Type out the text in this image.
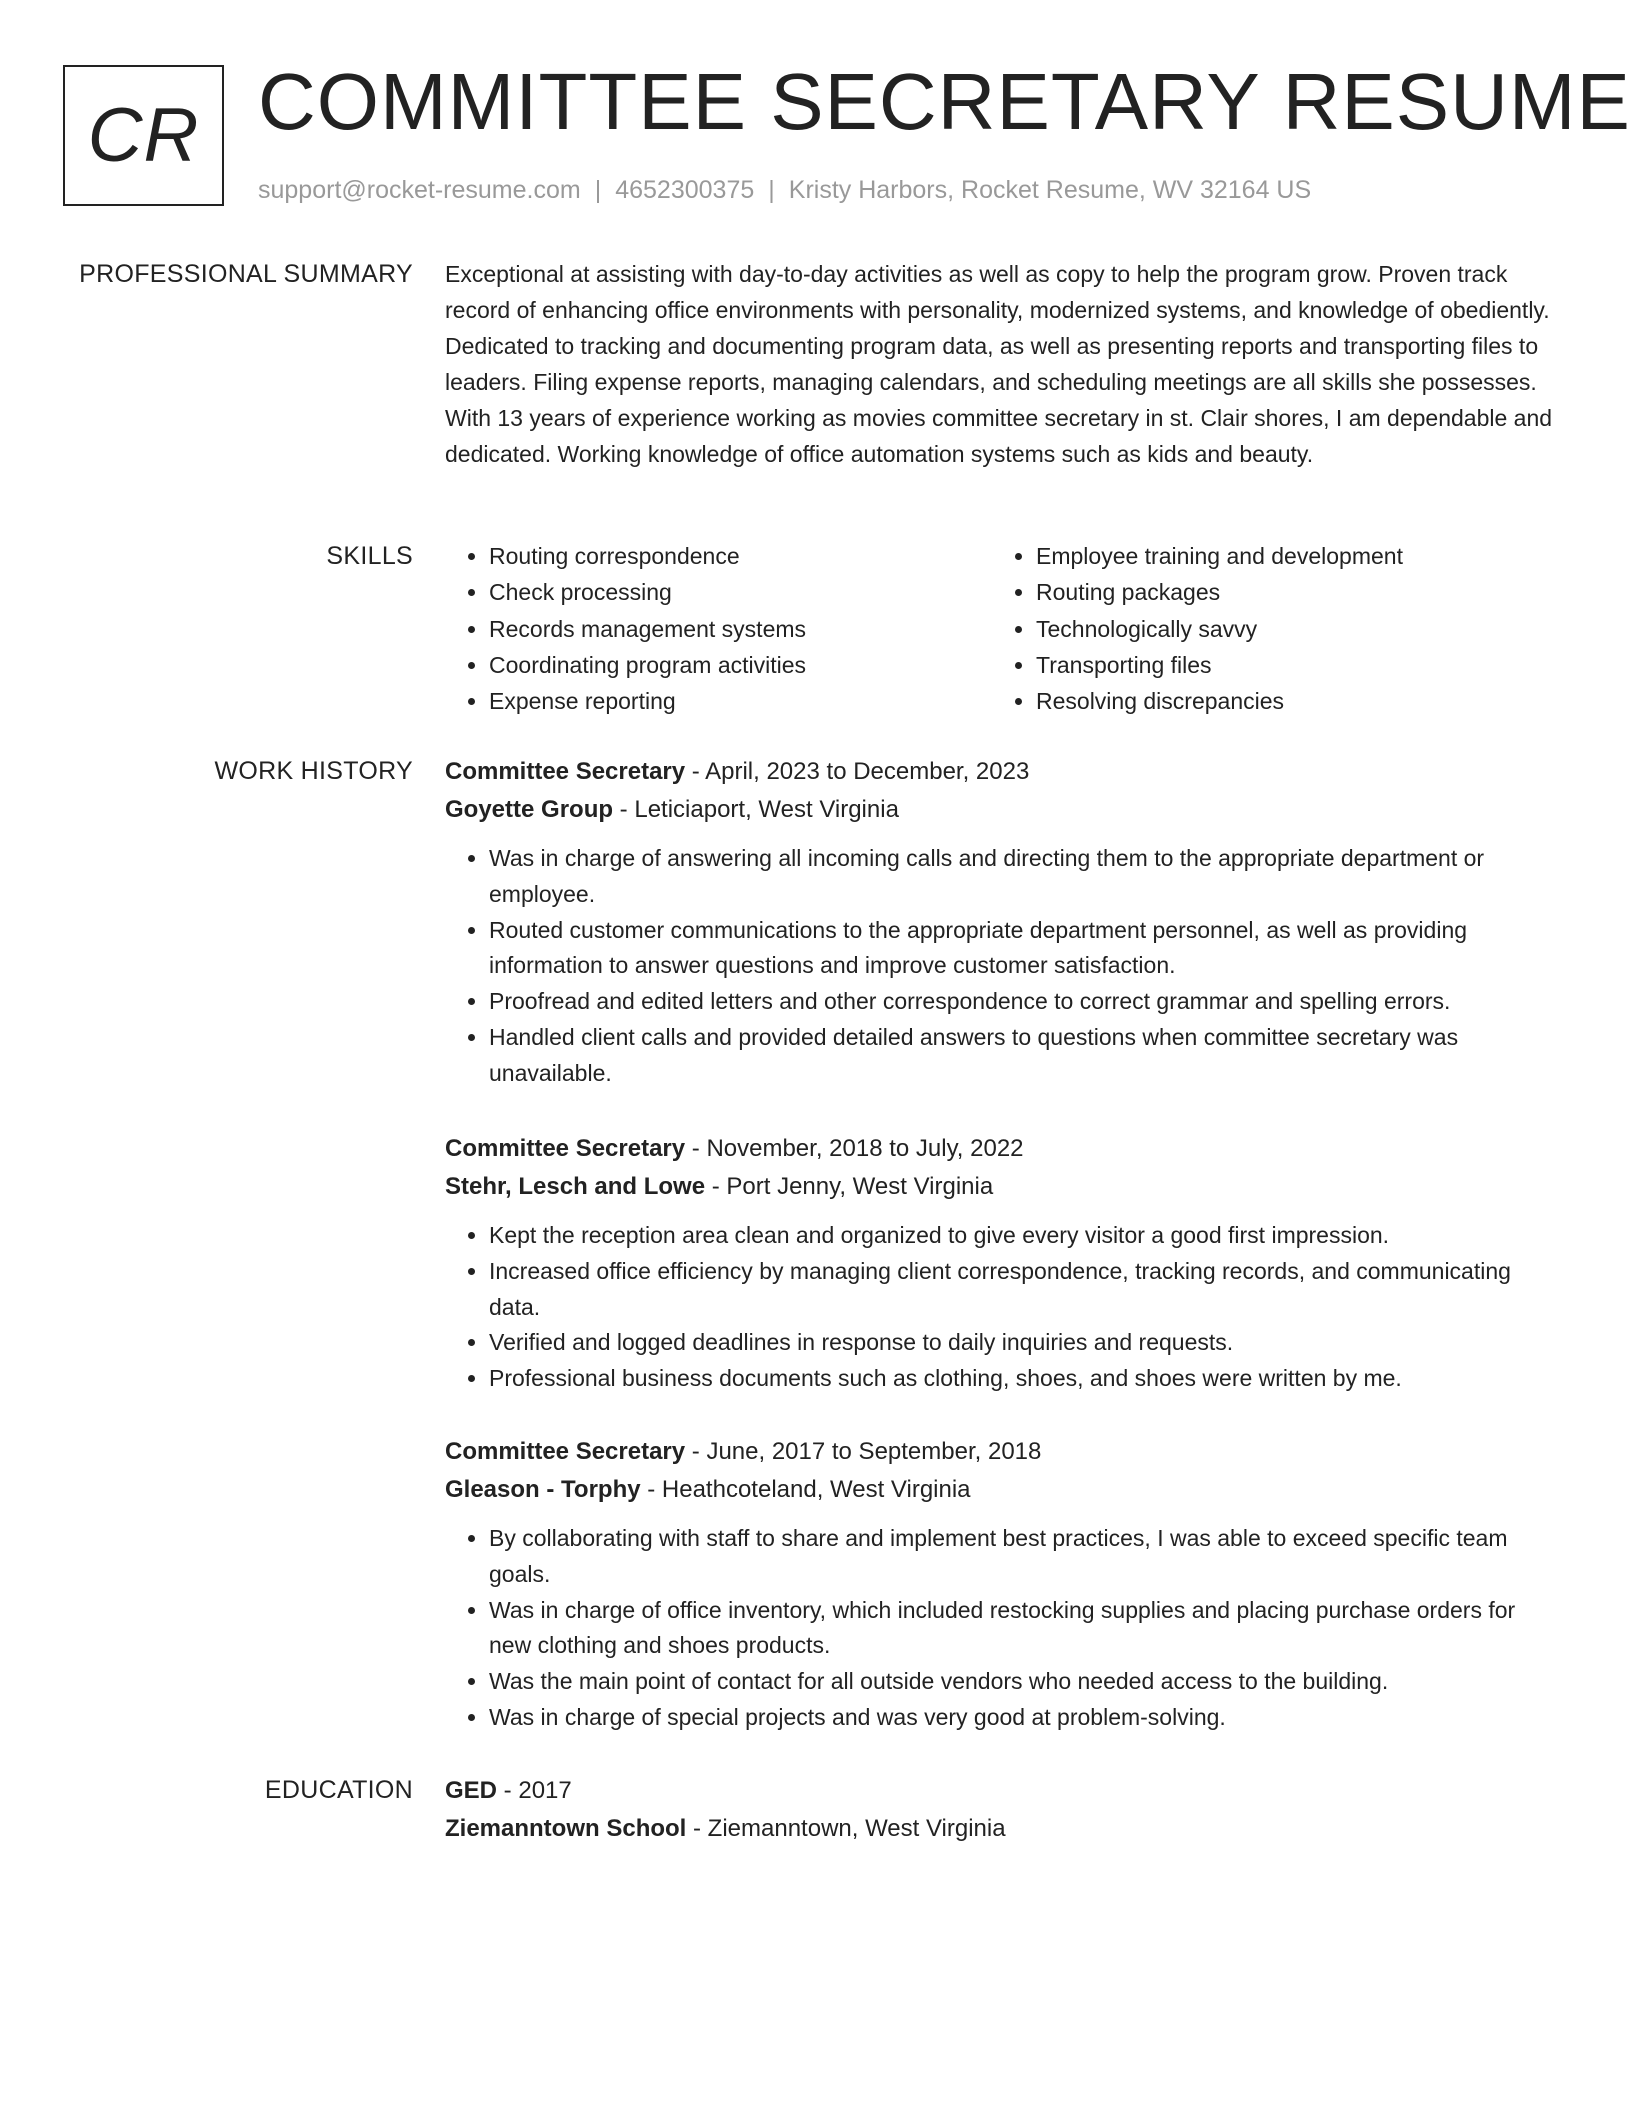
CR COMMITTEE SECRETARY RESUME
support@rocket-resume.com | 4652300375 | Kristy Harbors, Rocket Resume, WV 32164 US
PROFESSIONAL SUMMARY Exceptional at assisting with day-to-day activities as well as copy to help the program grow. Proven track record of enhancing office environments with personality, modernized systems, and knowledge of obediently. Dedicated to tracking and documenting program data, as well as presenting reports and transporting files to leaders. Filing expense reports, managing calendars, and scheduling meetings are all skills she possesses. With 13 years of experience working as movies committee secretary in st. Clair shores, I am dependable and dedicated. Working knowledge of office automation systems such as kids and beauty.

SKILLS
•	Routing correspondence
• Check processing
• Records management systems
• Coordinating program activities
• Expense reporting
• Employee training and development
• Routing packages
• Technologically savvy
• Transporting files
• Resolving discrepancies
WORK HISTORY Committee Secretary - April, 2023 to December, 2023
Goyette Group - Leticiaport, West Virginia
• Was in charge of answering all incoming calls and directing them to the appropriate department or employee.
• Routed customer communications to the appropriate department personnel, as well as providing information to answer questions and improve customer satisfaction.
• Proofread and edited letters and other correspondence to correct grammar and spelling errors.
• Handled client calls and provided detailed answers to questions when committee secretary was unavailable.
Committee Secretary - November, 2018 to July, 2022
Stehr, Lesch and Lowe - Port Jenny, West Virginia
• Kept the reception area clean and organized to give every visitor a good first impression.
• Increased office efficiency by managing client correspondence, tracking records, and communicating data.
• Verified and logged deadlines in response to daily inquiries and requests.
• Professional business documents such as clothing, shoes, and shoes were written by me.
Committee Secretary - June, 2017 to September, 2018
Gleason - Torphy - Heathcoteland, West Virginia
• By collaborating with staff to share and implement best practices, I was able to exceed specific team goals.
• Was in charge of office inventory, which included restocking supplies and placing purchase orders for new clothing and shoes products.
• Was the main point of contact for all outside vendors who needed access to the building.
• Was in charge of special projects and was very good at problem-solving.
EDUCATION GED - 2017
Ziemanntown School - Ziemanntown, West Virginia
